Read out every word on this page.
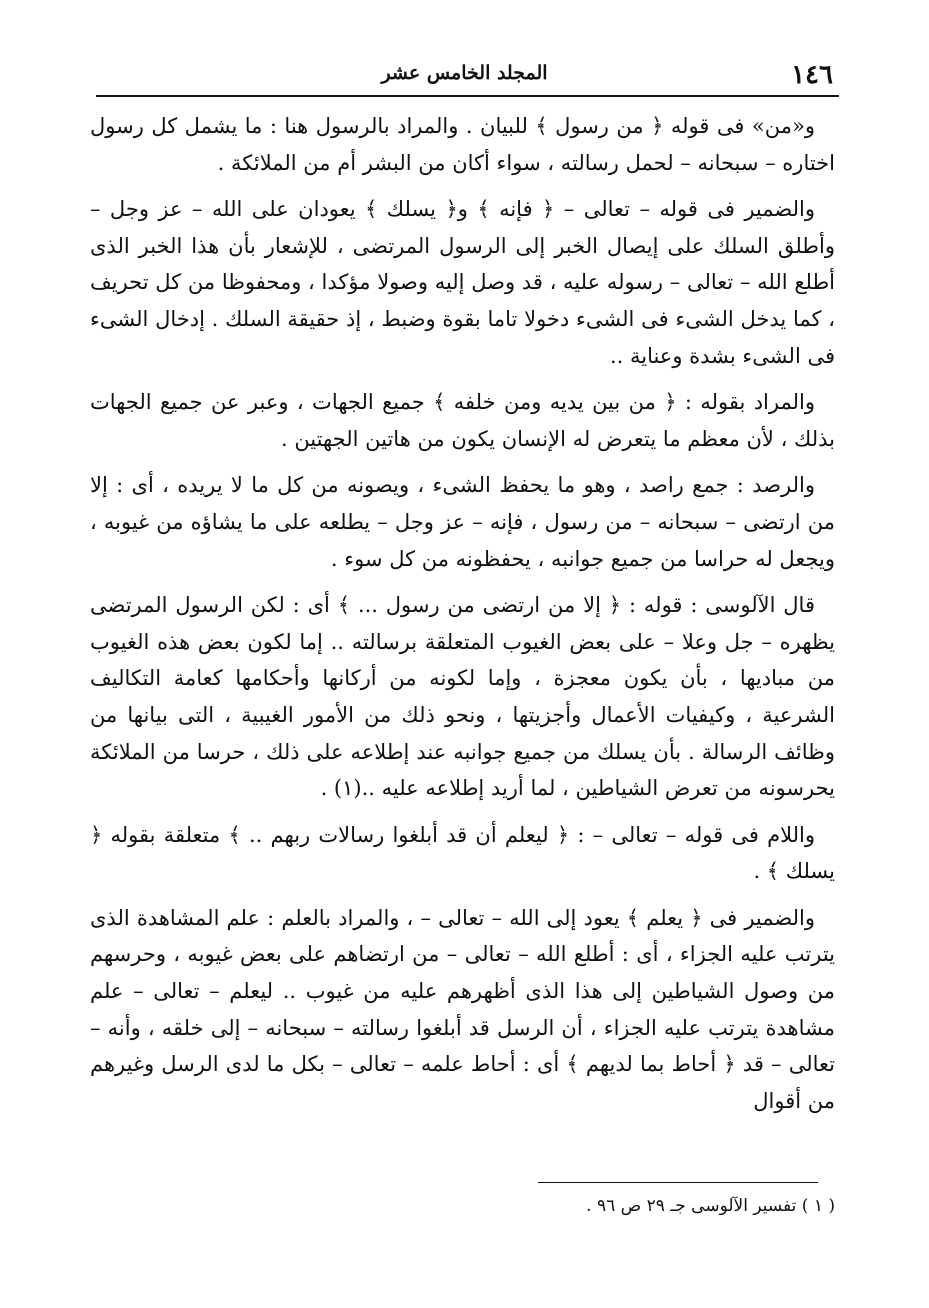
١٤٦
المجلد الخامس عشر

و«من» فى قوله ﴿ من رسول ﴾ للبيان . والمراد بالرسول هنا : ما يشمل كل رسول اختاره – سبحانه – لحمل رسالته ، سواء أكان من البشر أم من الملائكة .

والضمير فى قوله – تعالى – ﴿ فإنه ﴾ و﴿ يسلك ﴾ يعودان على الله – عز وجل – وأطلق السلك على إيصال الخبر إلى الرسول المرتضى ، للإشعار بأن هذا الخبر الذى أطلع الله – تعالى – رسوله عليه ، قد وصل إليه وصولا مؤكدا ، ومحفوظا من كل تحريف ، كما يدخل الشىء فى الشىء دخولا تاما بقوة وضبط ، إذ حقيقة السلك . إدخال الشىء فى الشىء بشدة وعناية ..

والمراد بقوله : ﴿ من بين يديه ومن خلفه ﴾ جميع الجهات ، وعبر عن جميع الجهات بذلك ، لأن معظم ما يتعرض له الإنسان يكون من هاتين الجهتين .

والرصد : جمع راصد ، وهو ما يحفظ الشىء ، ويصونه من كل ما لا يريده ، أى : إلا من ارتضى – سبحانه – من رسول ، فإنه – عز وجل – يطلعه على ما يشاؤه من غيوبه ، ويجعل له حراسا من جميع جوانبه ، يحفظونه من كل سوء .

قال الآلوسى : قوله : ﴿ إلا من ارتضى من رسول ... ﴾ أى : لكن الرسول المرتضى يظهره – جل وعلا – على بعض الغيوب المتعلقة برسالته .. إما لكون بعض هذه الغيوب من مباديها ، بأن يكون معجزة ، وإما لكونه من أركانها وأحكامها كعامة التكاليف الشرعية ، وكيفيات الأعمال وأجزيتها ، ونحو ذلك من الأمور الغيبية ، التى بيانها من وظائف الرسالة . بأن يسلك من جميع جوانبه عند إطلاعه على ذلك ، حرسا من الملائكة يحرسونه من تعرض الشياطين ، لما أريد إطلاعه عليه ..(١) .

واللام فى قوله – تعالى – : ﴿ ليعلم أن قد أبلغوا رسالات ربهم .. ﴾ متعلقة بقوله ﴿ يسلك ﴾ .

والضمير فى ﴿ يعلم ﴾ يعود إلى الله – تعالى – ، والمراد بالعلم : علم المشاهدة الذى يترتب عليه الجزاء ، أى : أطلع الله – تعالى – من ارتضاهم على بعض غيوبه ، وحرسهم من وصول الشياطين إلى هذا الذى أظهرهم عليه من غيوب .. ليعلم – تعالى – علم مشاهدة يترتب عليه الجزاء ، أن الرسل قد أبلغوا رسالته – سبحانه – إلى خلقه ، وأنه – تعالى – قد ﴿ أحاط بما لديهم ﴾ أى : أحاط علمه – تعالى – بكل ما لدى الرسل وغيرهم من أقوال

( ١ ) تفسير الآلوسى جـ ٢٩ ص ٩٦ .
